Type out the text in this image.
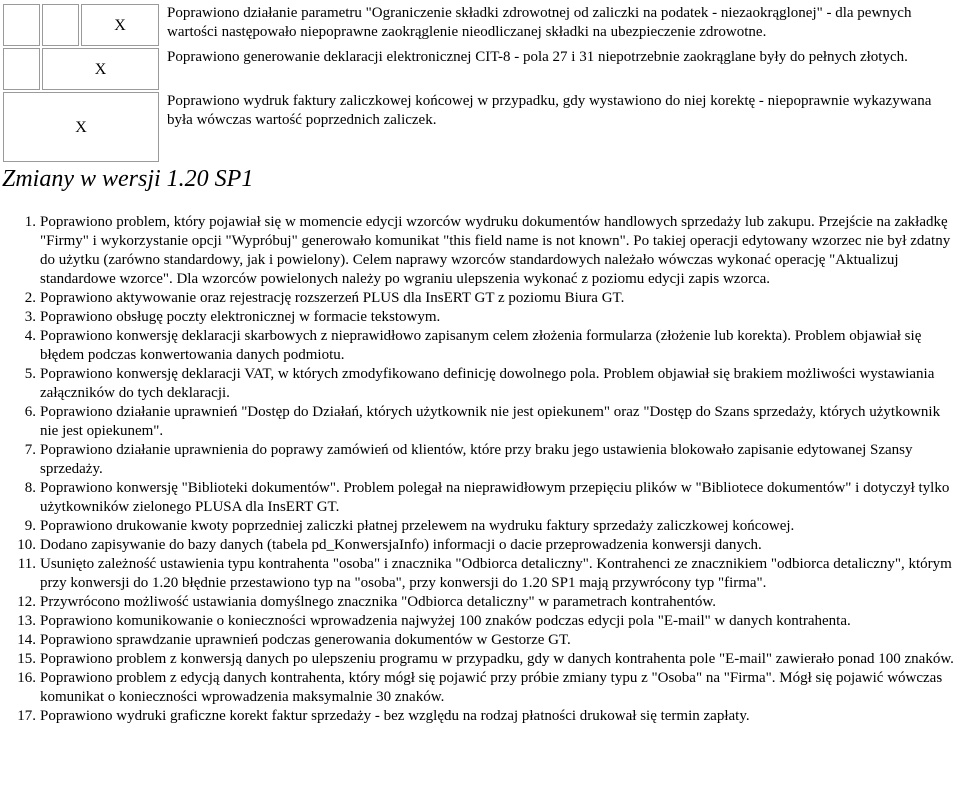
		X	Poprawiono działanie parametru "Ograniczenie składki zdrowotnej od zaliczki na podatek - niezaokrąglonej" - dla pewnych wartości następowało niepoprawne zaokrąglenie nieodliczanej składki na ubezpieczenie zdrowotne.
	X		Poprawiono generowanie deklaracji elektronicznej CIT-8 - pola 27 i 31 niepotrzebnie zaokrąglane były do pełnych złotych.
X			Poprawiono wydruk faktury zaliczkowej końcowej w przypadku, gdy wystawiono do niej korektę - niepoprawnie wykazywana była wówczas wartość poprzednich zaliczek.
Zmiany w wersji 1.20 SP1
1. Poprawiono problem, który pojawiał się w momencie edycji wzorców wydruku dokumentów handlowych sprzedaży lub zakupu. Przejście na zakładkę "Firmy" i wykorzystanie opcji "Wypróbuj" generowało komunikat "this field name is not known". Po takiej operacji edytowany wzorzec nie był zdatny do użytku (zarówno standardowy, jak i powielony). Celem naprawy wzorców standardowych należało wówczas wykonać operację "Aktualizuj standardowe wzorce". Dla wzorców powielonych należy po wgraniu ulepszenia wykonać z poziomu edycji zapis wzorca.
2. Poprawiono aktywowanie oraz rejestrację rozszerzeń PLUS dla InsERT GT z poziomu Biura GT.
3. Poprawiono obsługę poczty elektronicznej w formacie tekstowym.
4. Poprawiono konwersję deklaracji skarbowych z nieprawidłowo zapisanym celem złożenia formularza (złożenie lub korekta). Problem objawiał się błędem podczas konwertowania danych podmiotu.
5. Poprawiono konwersję deklaracji VAT, w których zmodyfikowano definicję dowolnego pola. Problem objawiał się brakiem możliwości wystawiania załączników do tych deklaracji.
6. Poprawiono działanie uprawnień "Dostęp do Działań, których użytkownik nie jest opiekunem" oraz "Dostęp do Szans sprzedaży, których użytkownik nie jest opiekunem".
7. Poprawiono działanie uprawnienia do poprawy zamówień od klientów, które przy braku jego ustawienia blokowało zapisanie edytowanej Szansy sprzedaży.
8. Poprawiono konwersję "Biblioteki dokumentów". Problem polegał na nieprawidłowym przepięciu plików w "Bibliotece dokumentów" i dotyczył tylko użytkowników zielonego PLUSA dla InsERT GT.
9. Poprawiono drukowanie kwoty poprzedniej zaliczki płatnej przelewem na wydruku faktury sprzedaży zaliczkowej końcowej.
10. Dodano zapisywanie do bazy danych (tabela pd_KonwersjaInfo) informacji o dacie przeprowadzenia konwersji danych.
11. Usunięto zależność ustawienia typu kontrahenta "osoba" i znacznika "Odbiorca detaliczny". Kontrahenci ze znacznikiem "odbiorca detaliczny", którym przy konwersji do 1.20 błędnie przestawiono typ na "osoba", przy konwersji do 1.20 SP1 mają przywrócony typ "firma".
12. Przywrócono możliwość ustawiania domyślnego znacznika "Odbiorca detaliczny" w parametrach kontrahentów.
13. Poprawiono komunikowanie o konieczności wprowadzenia najwyżej 100 znaków podczas edycji pola "E-mail" w danych kontrahenta.
14. Poprawiono sprawdzanie uprawnień podczas generowania dokumentów w Gestorze GT.
15. Poprawiono problem z konwersją danych po ulepszeniu programu w przypadku, gdy w danych kontrahenta pole "E-mail" zawierało ponad 100 znaków.
16. Poprawiono problem z edycją danych kontrahenta, który mógł się pojawić przy próbie zmiany typu z "Osoba" na "Firma". Mógł się pojawić wówczas komunikat o konieczności wprowadzenia maksymalnie 30 znaków.
17. Poprawiono wydruki graficzne korekt faktur sprzedaży - bez względu na rodzaj płatności drukował się termin zapłaty.
